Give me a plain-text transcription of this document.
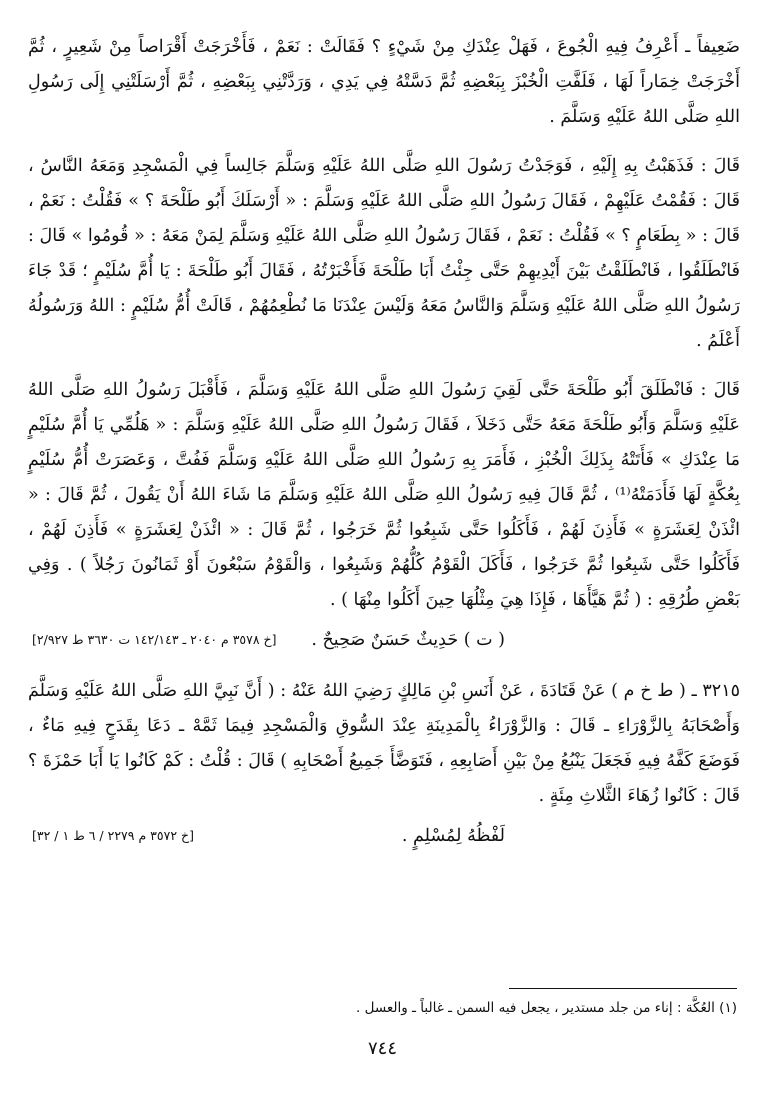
ضَعِيفاً ـ أَعْرِفُ فِيهِ الْجُوعَ ، فَهَلْ عِنْدَكِ مِنْ شَيْءٍ ؟ فَقَالَتْ : نَعَمْ ، فَأَخْرَجَتْ أَقْرَاصاً مِنْ شَعِيرٍ ، ثُمَّ أَخْرَجَتْ خِمَاراً لَهَا ، فَلَفَّتِ الْخُبْزَ بِبَعْضِهِ ثُمَّ دَسَّتْهُ فِي يَدِي ، وَرَدَّتْنِي بِبَعْضِهِ ، ثُمَّ أَرْسَلَتْنِي إِلَى رَسُولِ اللهِ صَلَّى اللهُ عَلَيْهِ وَسَلَّمَ .

قَالَ : فَذَهَبْتُ بِهِ إِلَيْهِ ، فَوَجَدْتُ رَسُولَ اللهِ صَلَّى اللهُ عَلَيْهِ وَسَلَّمَ جَالِساً فِي الْمَسْجِدِ وَمَعَهُ النَّاسُ ، قَالَ : فَقُمْتُ عَلَيْهِمْ ، فَقَالَ رَسُولُ اللهِ صَلَّى اللهُ عَلَيْهِ وَسَلَّمَ : « أَرْسَلَكَ أَبُو طَلْحَةَ ؟ » فَقُلْتُ : نَعَمْ ، قَالَ : « بِطَعَامٍ ؟ » فَقُلْتُ : نَعَمْ ، فَقَالَ رَسُولُ اللهِ صَلَّى اللهُ عَلَيْهِ وَسَلَّمَ لِمَنْ مَعَهُ : « قُومُوا » قَالَ : فَانْطَلَقُوا ، فَانْطَلَقْتُ بَيْنَ أَيْدِيهِمْ حَتَّى جِئْتُ أَبَا طَلْحَةَ فَأَخْبَرْتُهُ ، فَقَالَ أَبُو طَلْحَةَ : يَا أُمَّ سُلَيْمٍ ؛ قَدْ جَاءَ رَسُولُ اللهِ صَلَّى اللهُ عَلَيْهِ وَسَلَّمَ وَالنَّاسُ مَعَهُ وَلَيْسَ عِنْدَنَا مَا نُطْعِمُهُمْ ، قَالَتْ أُمُّ سُلَيْمٍ : اللهُ وَرَسُولُهُ أَعْلَمُ .

قَالَ : فَانْطَلَقَ أَبُو طَلْحَةَ حَتَّى لَقِيَ رَسُولَ اللهِ صَلَّى اللهُ عَلَيْهِ وَسَلَّمَ ، فَأَقْبَلَ رَسُولُ اللهِ صَلَّى اللهُ عَلَيْهِ وَسَلَّمَ وَأَبُو طَلْحَةَ مَعَهُ حَتَّى دَخَلاَ ، فَقَالَ رَسُولُ اللهِ صَلَّى اللهُ عَلَيْهِ وَسَلَّمَ : « هَلُمِّي يَا أُمَّ سُلَيْمٍ مَا عِنْدَكِ » فَأَتَتْهُ بِذَلِكَ الْخُبْزِ ، فَأَمَرَ بِهِ رَسُولُ اللهِ صَلَّى اللهُ عَلَيْهِ وَسَلَّمَ فَفُتَّ ، وَعَصَرَتْ أُمُّ سُلَيْمٍ بِعُكَّةٍ لَهَا فَأَدَمَتْهُ⁽¹⁾ ، ثُمَّ قَالَ فِيهِ رَسُولُ اللهِ صَلَّى اللهُ عَلَيْهِ وَسَلَّمَ مَا شَاءَ اللهُ أَنْ يَقُولَ ، ثُمَّ قَالَ : « ائْذَنْ لِعَشَرَةٍ » فَأَذِنَ لَهُمْ ، فَأَكَلُوا حَتَّى شَبِعُوا ثُمَّ خَرَجُوا ، ثُمَّ قَالَ : « ائْذَنْ لِعَشَرَةٍ » فَأَذِنَ لَهُمْ ، فَأَكَلُوا حَتَّى شَبِعُوا ثُمَّ خَرَجُوا ، فَأَكَلَ الْقَوْمُ كُلُّهُمْ وَشَبِعُوا ، وَالْقَوْمُ سَبْعُونَ أَوْ ثَمَانُونَ رَجُلاً ) . وَفِي بَعْضِ طُرُقِهِ : ( ثُمَّ هَيَّأَهَا ، فَإِذَا هِيَ مِثْلُهَا حِينَ أَكَلُوا مِنْهَا ) .

( ت ) حَدِيثٌ حَسَنٌ صَحِيحٌ .
[خ ٣٥٧٨ م ٢٠٤٠ ـ ١٤٢/١٤٣ ت ٣٦٣٠ ط ٢/٩٢٧]

٣٢١٥ ـ ( ط خ م ) عَنْ قَتَادَةَ ، عَنْ أَنَسِ بْنِ مَالِكٍ رَضِيَ اللهُ عَنْهُ : ( أَنَّ نَبِيَّ اللهِ صَلَّى اللهُ عَلَيْهِ وَسَلَّمَ وَأَصْحَابَهُ بِالزَّوْرَاءِ ـ قَالَ : وَالزَّوْرَاءُ بِالْمَدِينَةِ عِنْدَ السُّوقِ وَالْمَسْجِدِ فِيمَا ثَمَّهْ ـ دَعَا بِقَدَحٍ فِيهِ مَاءٌ ، فَوَضَعَ كَفَّهُ فِيهِ فَجَعَلَ يَنْبُعُ مِنْ بَيْنِ أَصَابِعِهِ ، فَتَوَضَّأَ جَمِيعُ أَصْحَابِهِ ) قَالَ : قُلْتُ : كَمْ كَانُوا يَا أَبَا حَمْزَةَ ؟ قَالَ : كَانُوا زُهَاءَ الثَّلاثِ مِئَةٍ .

لَفْظُهُ لِمُسْلِمٍ .
[خ ٣٥٧٢ م ٢٢٧٩ / ٦ ط ١ / ٣٢]
(١) العُكَّة : إناء من جلد مستدير ، يجعل فيه السمن ـ غالباً ـ والعسل .
٧٤٤
